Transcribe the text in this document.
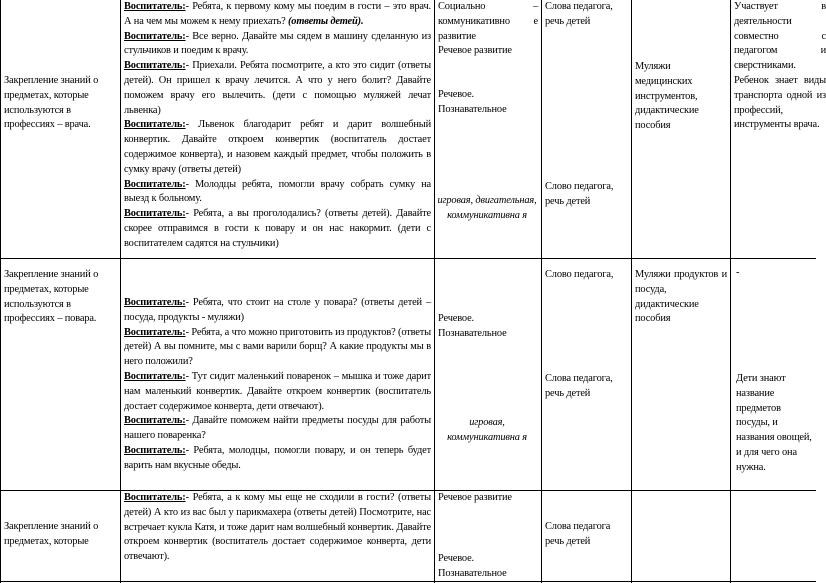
Закрепление знаний о предметах, которые используются в профессиях – врача.

Воспитатель:- Ребята, к первому кому мы поедим в гости – это врач. А на чем мы можем к нему приехать? (ответы детей).

Воспитатель:- Все верно. Давайте мы сядем в машину сделанную из стульчиков и поедим к врачу.

Воспитатель:- Приехали. Ребята посмотрите, а кто это сидит (ответы детей). Он пришел к врачу лечится. А что у него болит? Давайте поможем врачу его вылечить. (дети с помощью муляжей лечат львенка)

Воспитатель:- Львенок благодарит ребят и дарит волшебный конвертик. Давайте откроем конвертик (воспитатель достает содержимое конверта), и назовем каждый предмет, чтобы положить в сумку врачу (ответы детей)

Воспитатель:- Молодцы ребята, помогли врачу собрать сумку на выезд к больному.

Воспитатель:- Ребята, а вы проголодались? (ответы детей). Давайте скорее отправимся в гости к повару и он нас накормит. (дети с воспитателем садятся на стульчики)

Социально – коммуникативно е развитие

Речевое развитие

Речевое.

Познавательное

игровая, двигательная, коммуникативна я

Слова педагога, речь детей

Слово педагога, речь детей

Муляжи медицинских инструментов, дидактические пособия

Участвует в деятельности совместно с педагогом и сверстниками. Ребенок знает виды транспорта одной из профессий, инструменты врача.

Закрепление знаний о предметах, которые используются в профессиях – повара.

Воспитатель:- Ребята, что стоит на столе у повара? (ответы детей – посуда, продукты - муляжи)

Воспитатель:- Ребята, а что можно приготовить из продуктов? (ответы детей) А вы помните, мы с вами варили борщ? А какие продукты мы в него положили?

Воспитатель:- Тут сидит маленький поваренок – мышка и тоже дарит нам маленький конвертик. Давайте откроем конвертик (воспитатель достает содержимое конверта, дети отвечают).

Воспитатель:- Давайте поможем найти предметы посуды для работы нашего поваренка?

Воспитатель:- Ребята, молодцы, помогли повару, и он теперь будет варить нам вкусные обеды.

Речевое.

Познавательное

игровая, коммуникативна я

Слово педагога,

Слова педагога, речь детей

Муляжи продуктов и посуда, дидактические пособия

-

Дети знают название предметов посуды, и названия овощей, и для чего она нужна.

Закрепление знаний о предметах, которые

Воспитатель:- Ребята, а к кому мы еще не сходили в гости? (ответы детей) А кто из вас был у парикмахера (ответы детей) Посмотрите, нас встречает кукла Катя, и тоже дарит нам волшебный конвертик. Давайте откроем конвертик (воспитатель достает содержимое конверта, дети отвечают).

Речевое развитие

Речевое.

Познавательное

Слова педагога речь детей
